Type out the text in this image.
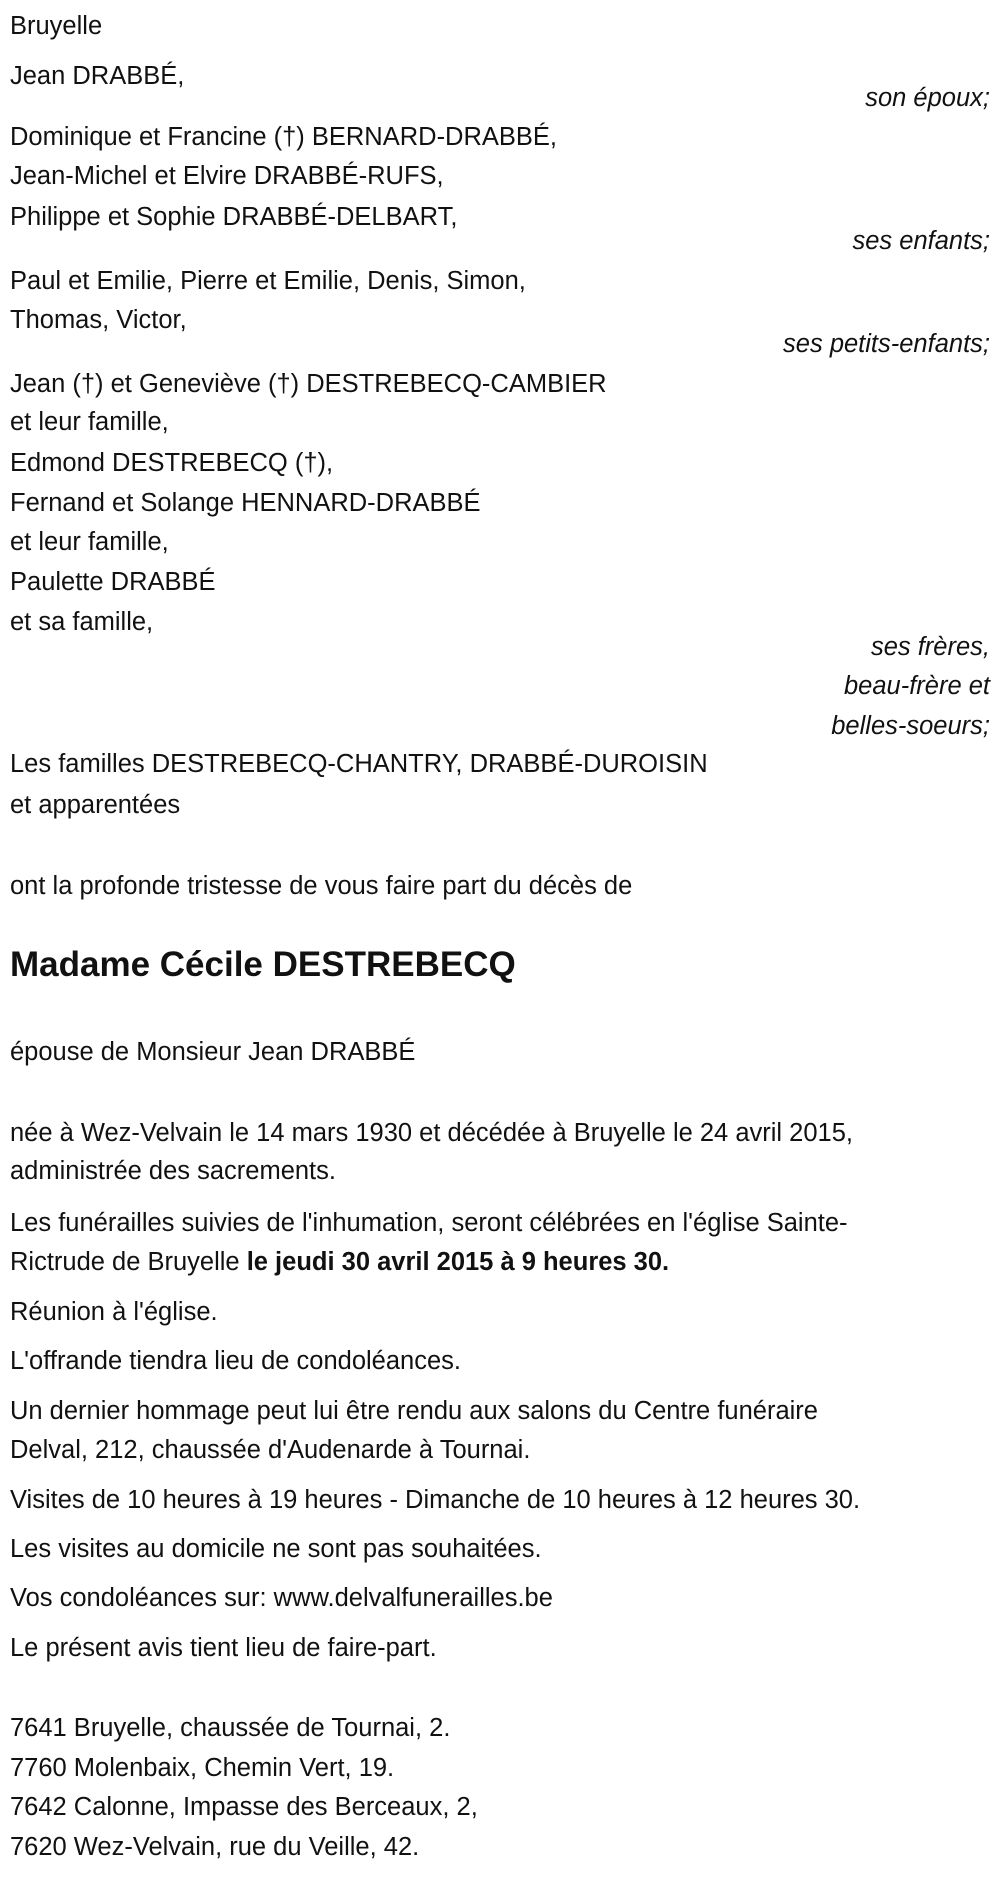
Bruyelle
Jean DRABBÉ,
son époux;
Dominique et Francine (†) BERNARD-DRABBÉ,
Jean-Michel et Elvire DRABBÉ-RUFS,
Philippe et Sophie DRABBÉ-DELBART,
ses enfants;
Paul et Emilie, Pierre et Emilie, Denis, Simon,
Thomas, Victor,
ses petits-enfants;
Jean (†) et Geneviève (†) DESTREBECQ-CAMBIER
et leur famille,
Edmond DESTREBECQ (†),
Fernand et Solange HENNARD-DRABBÉ
et leur famille,
Paulette DRABBÉ
et sa famille,
ses frères,
beau-frère et
belles-soeurs;
Les familles DESTREBECQ-CHANTRY, DRABBÉ-DUROISIN
et apparentées
ont la profonde tristesse de vous faire part du décès de
Madame Cécile DESTREBECQ
épouse de Monsieur Jean DRABBÉ
née à Wez-Velvain le 14 mars 1930 et décédée à Bruyelle le 24 avril 2015,
administrée des sacrements.
Les funérailles suivies de l'inhumation, seront célébrées en l'église Sainte-
Rictrude de Bruyelle le jeudi 30 avril 2015 à 9 heures 30.
Réunion à l'église.
L'offrande tiendra lieu de condoléances.
Un dernier hommage peut lui être rendu aux salons du Centre funéraire
Delval, 212, chaussée d'Audenarde à Tournai.
Visites de 10 heures à 19 heures - Dimanche de 10 heures à 12 heures 30.
Les visites au domicile ne sont pas souhaitées.
Vos condoléances sur: www.delvalfunerailles.be
Le présent avis tient lieu de faire-part.
7641 Bruyelle, chaussée de Tournai, 2.
7760 Molenbaix, Chemin Vert, 19.
7642 Calonne, Impasse des Berceaux, 2,
7620 Wez-Velvain, rue du Veille, 42.
